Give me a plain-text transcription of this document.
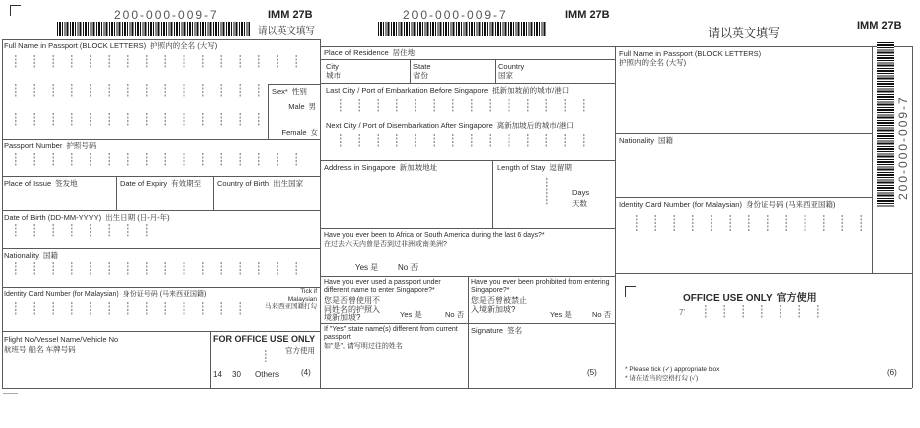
200-000-009-7	IMM 27B
请以英文填写
Full Name in Passport (BLOCK LETTERS) 护照内的全名 (大写)
Sex* 性别
Male 男
Female 女
Passport Number 护照号码
Place of Issue 签发地	Date of Expiry 有效期至 Country of Birth 出生国家
Date of Birth (DD-MM-YYYY) 出生日期 (日-月-年)
Nationality 国籍
Identity Card Number (for Malaysian) 身份证号码 (马来西亚国籍)	Tick if
Malaysian
马来西亚国籍打勾
Flight No/Vessel Name/Vehicle No
航班号 船名 车牌号码
FOR OFFICE USE ONLY
官方使用
14 30 Others	(4)
200-000-009-7	IMM 27B
Place of Residence 居住地
City
城市
State
省份
Country
国家
Last City / Port of Embarkation Before Singapore 抵新加坡前的城市/港口
Next City / Port of Disembarkation After Singapore 离新加坡后的城市/港口
Address in Singapore 新加坡地址	Length of Stay 逗留期
Days
天数
Have you ever been to Africa or South America during the last 6 days?*
在过去六天内曾是否到过非洲或南美洲?
Yes 是 No 否
Have you ever used a passport under different name to enter Singapore?*
您是否曾使用不同姓名的护照入境新加坡?	Yes 是	No 否
Have you ever been prohibited from entering Singapore?*
您是否曾被禁止入境新加坡?
Yes 是	No 否
If "Yes" state name(s) different from current passport
如"是", 请写明过往的姓名
Signature 签名
(5)
请以英文填写	IMM 27B
Full Name in Passport (BLOCK LETTERS)
护照内的全名 (大写)
Nationality 国籍
Identity Card Number (for Malaysian) 身份证号码 (马来西亚国籍)
200-000-009-7
OFFICE USE ONLY 官方使用
7'
* Please tick (✓) appropriate box
* 请在适当的空格打勾 (✓)
(6)
